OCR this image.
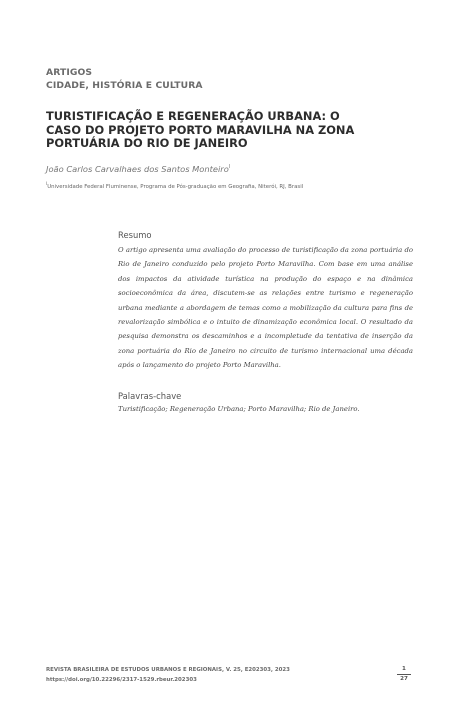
ARTIGOS
CIDADE, HISTÓRIA E CULTURA
TURISTIFICAÇÃO E REGENERAÇÃO URBANA: O CASO DO PROJETO PORTO MARAVILHA NA ZONA PORTUÁRIA DO RIO DE JANEIRO
João Carlos Carvalhaes dos Santos Monteiro$^I$
$^I$Universidade Federal Fluminense, Programa de Pós-graduação em Geografia, Niterói, RJ, Brasil
Resumo

O artigo apresenta uma avaliação do processo de turistificação da zona portuária do Rio de Janeiro conduzido pelo projeto Porto Maravilha. Com base em uma análise dos impactos da atividade turística na produção do espaço e na dinâmica socioeconômica da área, discutem-se as relações entre turismo e regeneração urbana mediante a abordagem de temas como a mobilização da cultura para fins de revalorização simbólica e o intuito de dinamização econômica local. O resultado da pesquisa demonstra os descaminhos e a incompletude da tentativa de inserção da zona portuária do Rio de Janeiro no circuito de turismo internacional uma década após o lançamento do projeto Porto Maravilha.

Palavras-chave
Turistificação; Regeneração Urbana; Porto Maravilha; Rio de Janeiro.
REVISTA BRASILEIRA DE ESTUDOS URBANOS E REGIONAIS, V. 25, E202303, 2023
https://doi.org/10.22296/2317-1529.rbeur.202303
1
27
